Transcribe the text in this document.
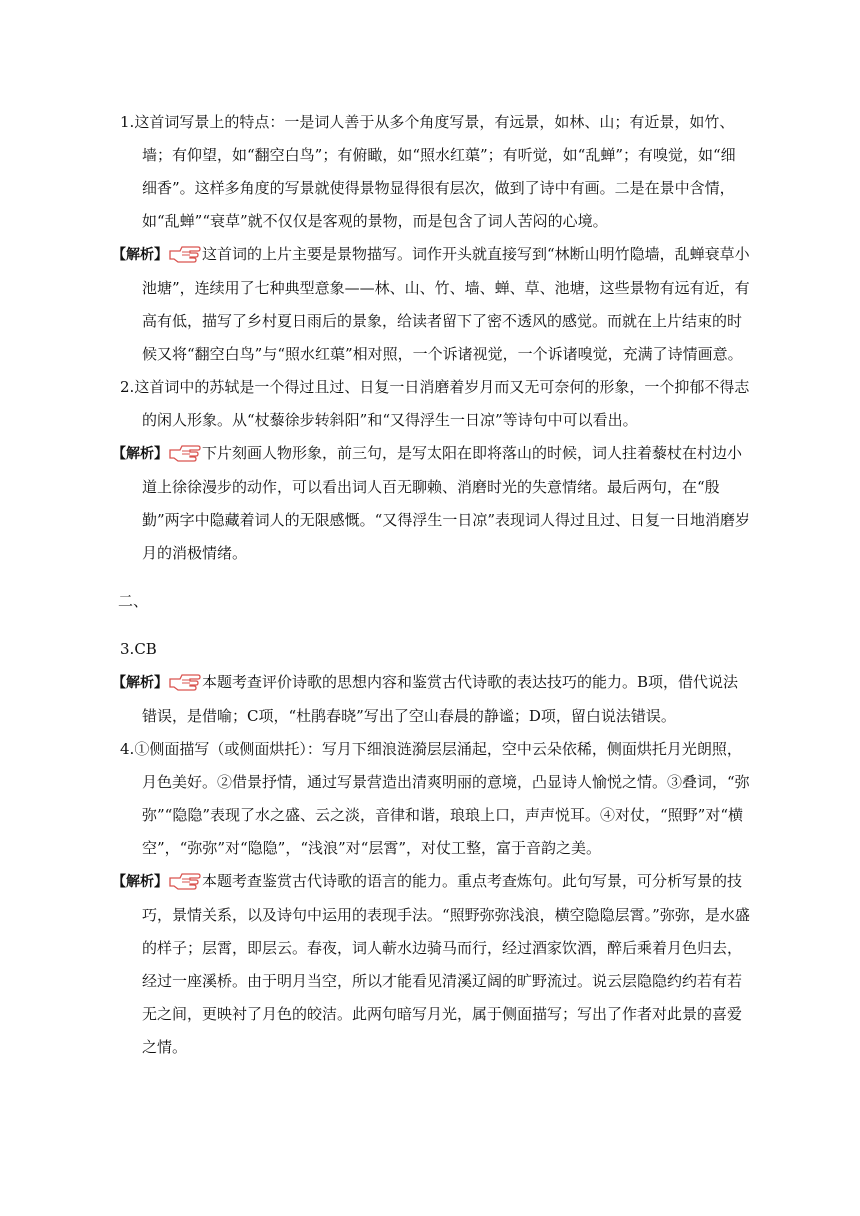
1.这首词写景上的特点：一是词人善于从多个角度写景，有远景，如林、山；有近景，如竹、墙；有仰望，如“翻空白鸟”；有俯瞰，如“照水红蕖”；有听觉，如“乱蝉”；有嗅觉，如“细细香”。这样多角度的写景就使得景物显得很有层次，做到了诗中有画。二是在景中含情，如“乱蝉”“衰草”就不仅仅是客观的景物，而是包含了词人苦闷的心境。

【解析】 这首词的上片主要是景物描写。词作开头就直接写到“林断山明竹隐墙，乱蝉衰草小池塘”，连续用了七种典型意象——林、山、竹、墙、蝉、草、池塘，这些景物有远有近，有高有低，描写了乡村夏日雨后的景象，给读者留下了密不透风的感觉。而就在上片结束的时候又将“翻空白鸟”与“照水红蕖”相对照，一个诉诸视觉，一个诉诸嗅觉，充满了诗情画意。

2.这首词中的苏轼是一个得过且过、日复一日消磨着岁月而又无可奈何的形象，一个抑郁不得志的闲人形象。从“杖藜徐步转斜阳”和“又得浮生一日凉”等诗句中可以看出。

【解析】 下片刻画人物形象，前三句，是写太阳在即将落山的时候，词人拄着藜杖在村边小道上徐徐漫步的动作，可以看出词人百无聊赖、消磨时光的失意情绪。最后两句，在“殷勤”两字中隐藏着词人的无限感慨。“又得浮生一日凉”表现词人得过且过、日复一日地消磨岁月的消极情绪。

二、

3.CB

【解析】 本题考查评价诗歌的思想内容和鉴赏古代诗歌的表达技巧的能力。B项，借代说法错误，是借喻；C项，“杜鹃春晓”写出了空山春晨的静谧；D项，留白说法错误。

4.①侧面描写（或侧面烘托）：写月下细浪涟漪层层涌起，空中云朵依稀，侧面烘托月光朗照，月色美好。②借景抒情，通过写景营造出清爽明丽的意境，凸显诗人愉悦之情。③叠词，“弥弥”“隐隐”表现了水之盛、云之淡，音律和谐，琅琅上口，声声悦耳。④对仗，“照野”对“横空”，“弥弥”对“隐隐”，“浅浪”对“层霄”，对仗工整，富于音韵之美。

【解析】 本题考查鉴赏古代诗歌的语言的能力。重点考查炼句。此句写景，可分析写景的技巧，景情关系，以及诗句中运用的表现手法。“照野弥弥浅浪，横空隐隐层霄。”弥弥，是水盛的样子；层霄，即层云。春夜，词人蕲水边骑马而行，经过酒家饮酒，醉后乘着月色归去，经过一座溪桥。由于明月当空，所以才能看见清溪辽阔的旷野流过。说云层隐隐约约若有若无之间，更映衬了月色的皎洁。此两句暗写月光，属于侧面描写；写出了作者对此景的喜爱之情。
